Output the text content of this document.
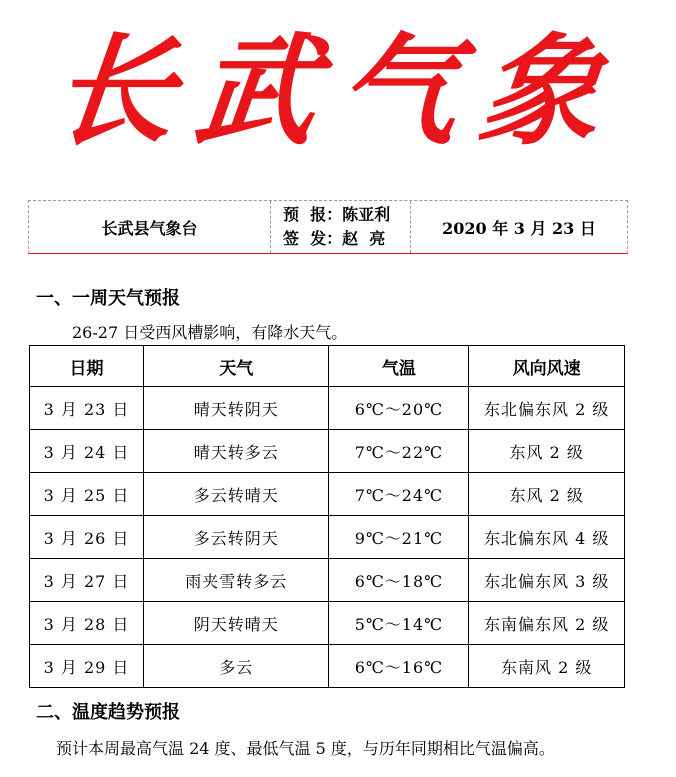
长武气象
长武县气象台
预  报：陈亚利
签  发：赵  亮
2020 年 3 月 23 日
一、一周天气预报
26-27 日受西风槽影响，有降水天气。
日期	天气	气温	风向风速
3 月 23 日	晴天转阴天	6℃～20℃	东北偏东风 2 级
3 月 24 日	晴天转多云	7℃～22℃	东风 2 级
3 月 25 日	多云转晴天	7℃～24℃	东风 2 级
3 月 26 日	多云转阴天	9℃～21℃	东北偏东风 4 级
3 月 27 日	雨夹雪转多云	6℃～18℃	东北偏东风 3 级
3 月 28 日	阴天转晴天	5℃～14℃	东南偏东风 2 级
3 月 29 日	多云	6℃～16℃	东南风 2 级
二、温度趋势预报
预计本周最高气温 24 度、最低气温 5 度，与历年同期相比气温偏高。
